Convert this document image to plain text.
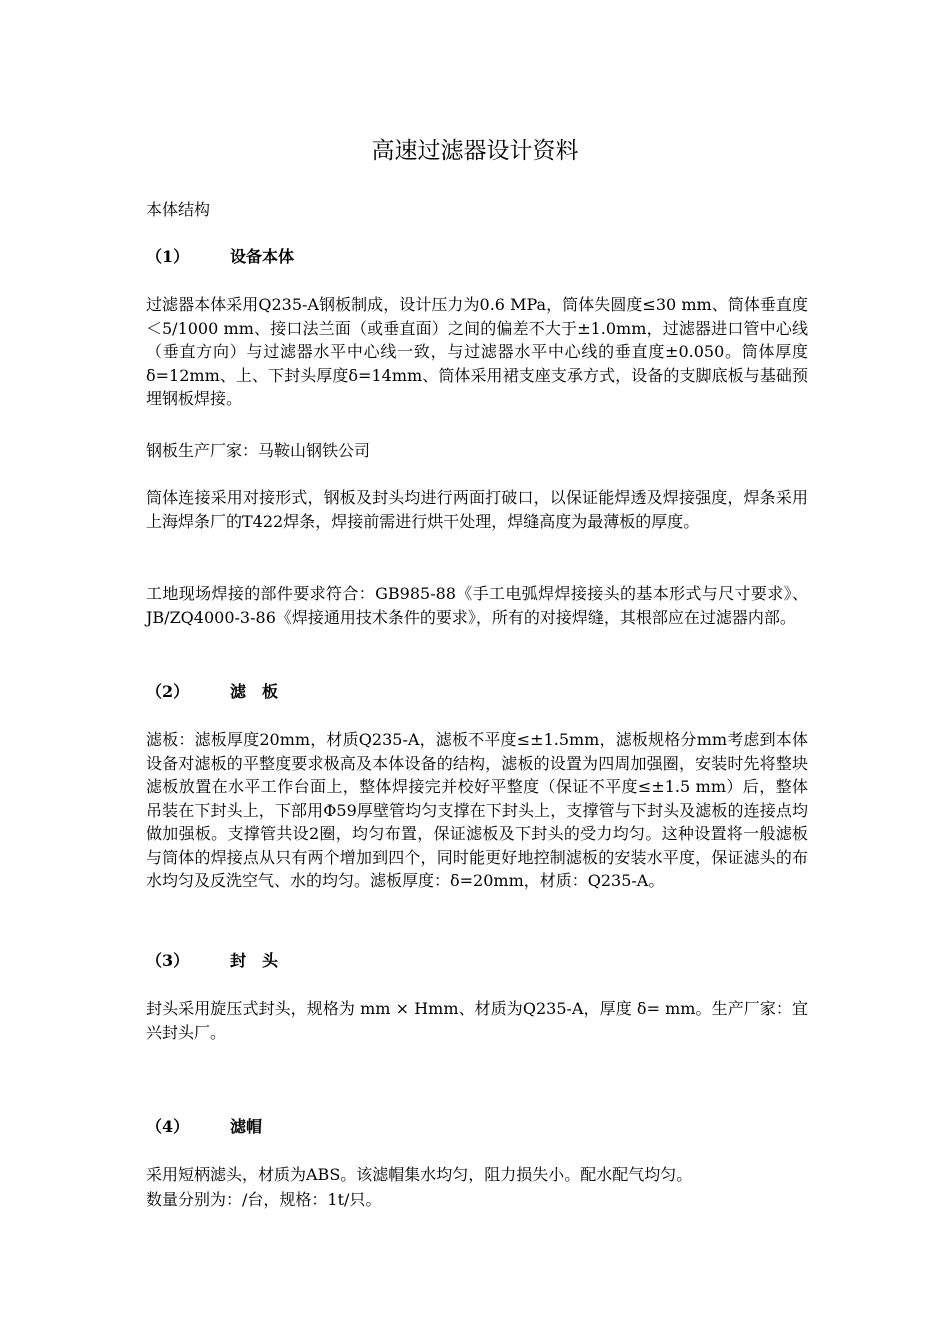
高速过滤器设计资料

本体结构

（1）	设备本体

过滤器本体采用Q235-A钢板制成，设计压力为0.6 MPa，筒体失圆度≤30 mm、筒体垂直度＜5/1000 mm、接口法兰面（或垂直面）之间的偏差不大于±1.0mm，过滤器进口管中心线（垂直方向）与过滤器水平中心线一致，与过滤器水平中心线的垂直度±0.050。筒体厚度 δ=12mm、上、下封头厚度δ=14mm、筒体采用裙支座支承方式，设备的支脚底板与基础预埋钢板焊接。

钢板生产厂家：马鞍山钢铁公司

筒体连接采用对接形式，钢板及封头均进行两面打破口，以保证能焊透及焊接强度，焊条采用上海焊条厂的T422焊条，焊接前需进行烘干处理，焊缝高度为最薄板的厚度。

工地现场焊接的部件要求符合：GB985-88《手工电弧焊焊接接头的基本形式与尺寸要求》、JB/ZQ4000-3-86《焊接通用技术条件的要求》，所有的对接焊缝，其根部应在过滤器内部。

（2）	滤　板

滤板：滤板厚度20mm，材质Q235-A，滤板不平度≤±1.5mm，滤板规格分mm考虑到本体设备对滤板的平整度要求极高及本体设备的结构，滤板的设置为四周加强圈，安装时先将整块滤板放置在水平工作台面上，整体焊接完并校好平整度（保证不平度≤±1.5 mm）后，整体吊装在下封头上，下部用Φ59厚壁管均匀支撑在下封头上，支撑管与下封头及滤板的连接点均做加强板。支撑管共设2圈，均匀布置，保证滤板及下封头的受力均匀。这种设置将一般滤板与筒体的焊接点从只有两个增加到四个，同时能更好地控制滤板的安装水平度，保证滤头的布水均匀及反洗空气、水的均匀。滤板厚度：δ=20mm，材质：Q235-A。

（3）	封　头

封头采用旋压式封头，规格为 mm × Hmm、材质为Q235-A，厚度 δ= mm。生产厂家：宜兴封头厂。

（4）	滤帽

采用短柄滤头，材质为ABS。该滤帽集水均匀，阻力损失小。配水配气均匀。

数量分别为：/台，规格：1t/只。
